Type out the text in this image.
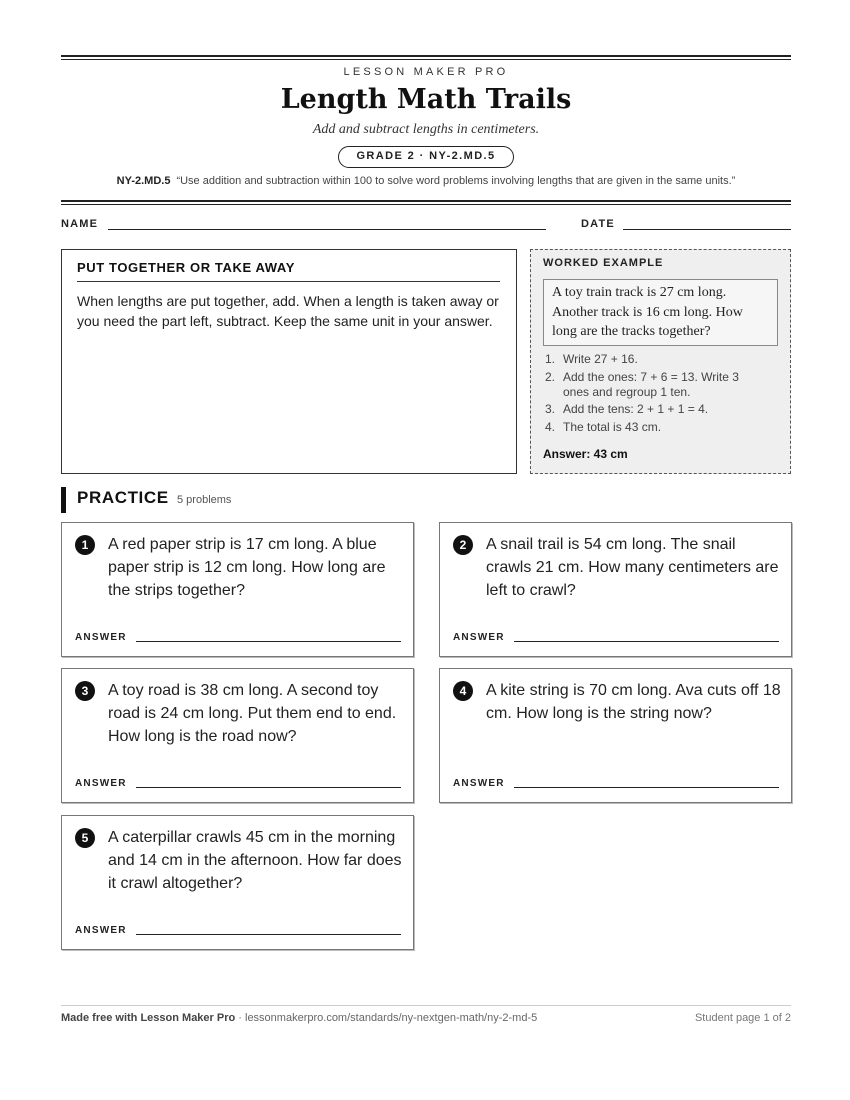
LESSON MAKER PRO
Length Math Trails
Add and subtract lengths in centimeters.
GRADE 2 · NY-2.MD.5
NY-2.MD.5 “Use addition and subtraction within 100 to solve word problems involving lengths that are given in the same units.”
NAME	DATE
PUT TOGETHER OR TAKE AWAY
When lengths are put together, add. When a length is taken away or you need the part left, subtract. Keep the same unit in your answer.
WORKED EXAMPLE
A toy train track is 27 cm long. Another track is 16 cm long. How long are the tracks together?
1. Write 27 + 16.
2. Add the ones: 7 + 6 = 13. Write 3
ones and regroup 1 ten.
3. Add the tens: 2 + 1 + 1 = 4.
4. The total is 43 cm.
Answer: 43 cm
PRACTICE 5 problems
1	A red paper strip is 17 cm long. A blue paper strip is 12 cm long. How long are the strips together?
ANSWER
2	A snail trail is 54 cm long. The snail crawls 21 cm. How many centimeters are left to crawl?
ANSWER
3	A toy road is 38 cm long. A second toy road is 24 cm long. Put them end to end. How long is the road now?
ANSWER
4	A kite string is 70 cm long. Ava cuts off 18 cm. How long is the string now?
ANSWER
5	A caterpillar crawls 45 cm in the morning and 14 cm in the afternoon. How far does it crawl altogether?
ANSWER
Made free with Lesson Maker Pro · lessonmakerpro.com/standards/ny-nextgen-math/ny-2-md-5	Student page 1 of 2
